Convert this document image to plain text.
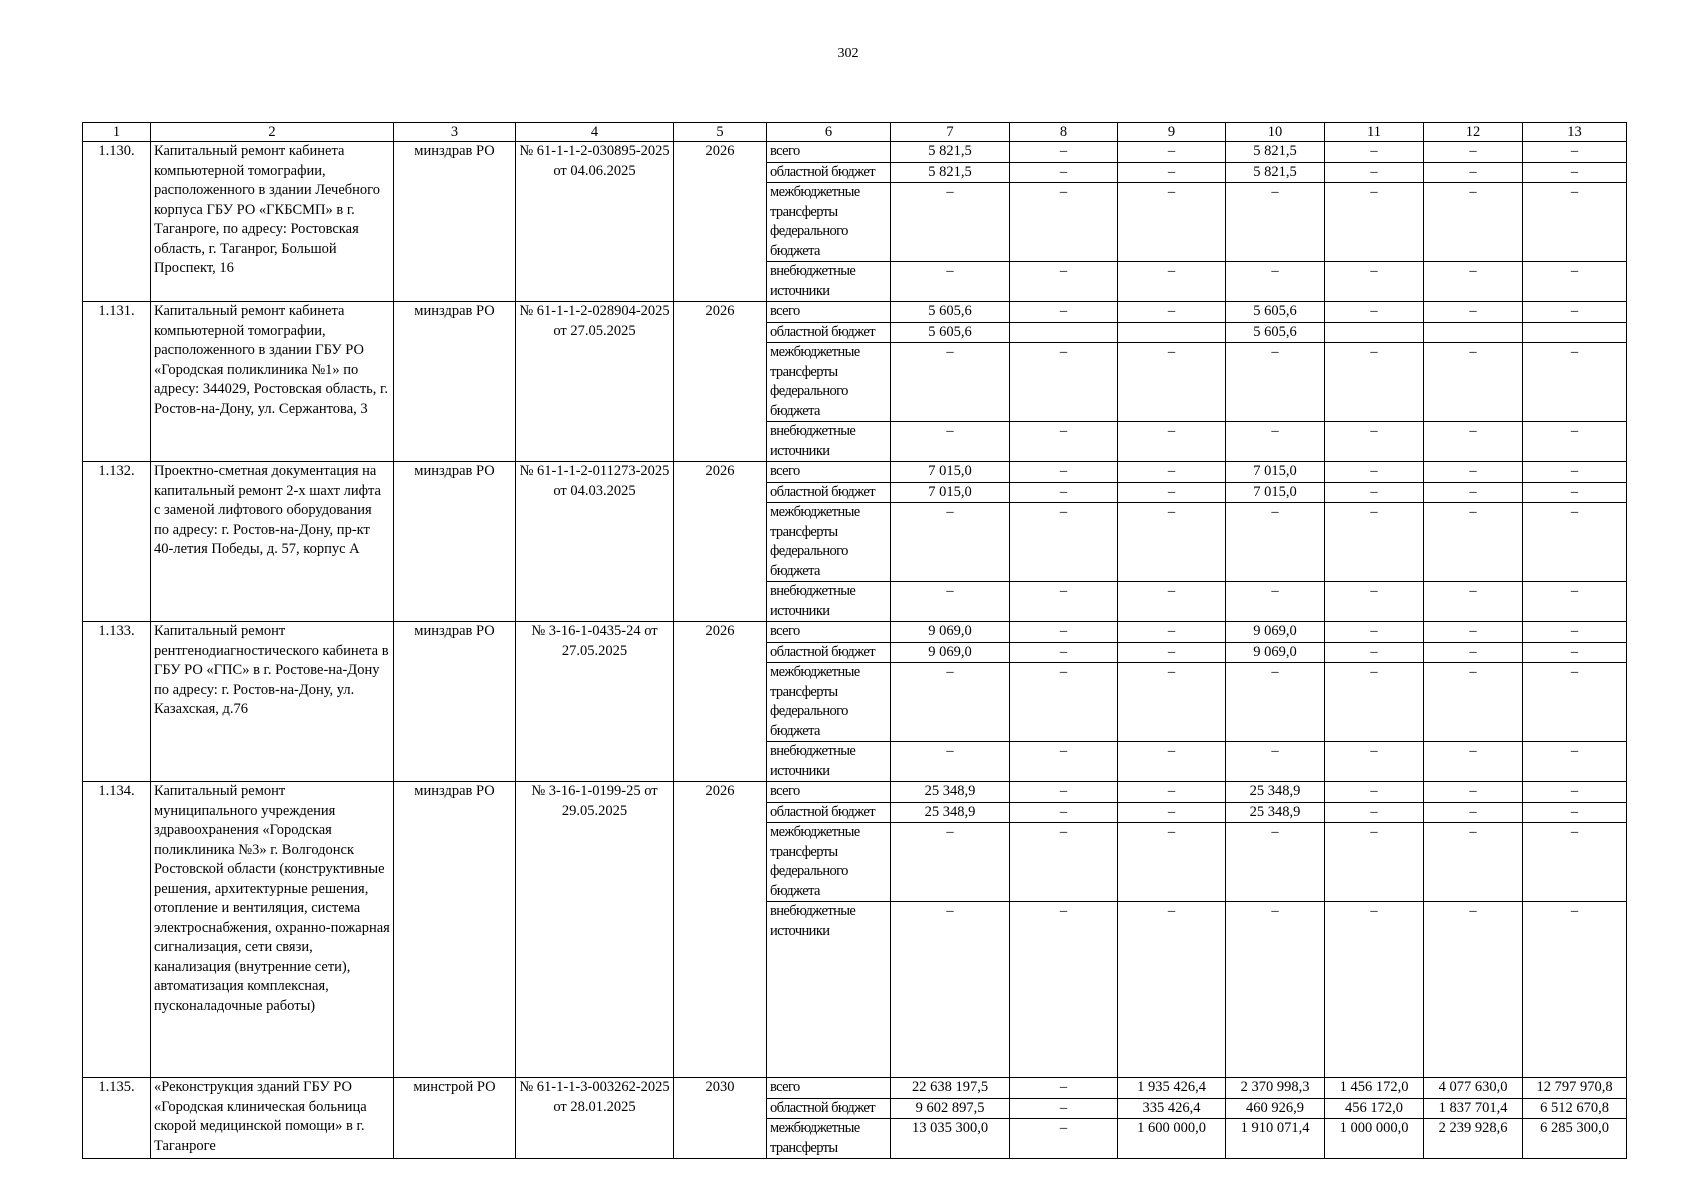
302
1	2	3	4	5	6	7	8	9	10	11	12	13
1.130.	Капитальный ремонт кабинета компьютерной томографии, расположенного в здании Лечебного корпуса ГБУ РО «ГКБСМП» в г. Таганроге, по адресу: Ростовская область, г. Таганрог, Большой Проспект, 16	минздрав РО	№ 61-1-1-2-030895-2025 от 04.06.2025	2026	всего	5 821,5	–	–	5 821,5	–	–	–
					областной бюджет	5 821,5	–	–	5 821,5	–	–	–
					межбюджетные трансферты федерального бюджета	–	–	–	–	–	–	–
					внебюджетные источники	–	–	–	–	–	–	–
1.131.	Капитальный ремонт кабинета компьютерной томографии, расположенного в здании ГБУ РО «Городская поликлиника №1» по адресу: 344029, Ростовская область, г. Ростов-на-Дону, ул. Сержантова, 3	минздрав РО	№ 61-1-1-2-028904-2025 от 27.05.2025	2026	всего	5 605,6	–	–	5 605,6	–	–	–
					областной бюджет	5 605,6			5 605,6			
					межбюджетные трансферты федерального бюджета	–	–	–	–	–	–	–
					внебюджетные источники	–	–	–	–	–	–	–
1.132.	Проектно-сметная документация на капитальный ремонт 2-х шахт лифта с заменой лифтового оборудования по адресу: г. Ростов-на-Дону, пр-кт 40-летия Победы, д. 57, корпус А	минздрав РО	№ 61-1-1-2-011273-2025 от 04.03.2025	2026	всего	7 015,0	–	–	7 015,0	–	–	–
					областной бюджет	7 015,0	–	–	7 015,0	–	–	–
					межбюджетные трансферты федерального бюджета	–	–	–	–	–	–	–
					внебюджетные источники	–	–	–	–	–	–	–
1.133.	Капитальный ремонт рентгенодиагностического кабинета в ГБУ РО «ГПС» в г. Ростове-на-Дону по адресу: г. Ростов-на-Дону, ул. Казахская, д.76	минздрав РО	№ 3-16-1-0435-24 от 27.05.2025	2026	всего	9 069,0	–	–	9 069,0	–	–	–
					областной бюджет	9 069,0	–	–	9 069,0	–	–	–
					межбюджетные трансферты федерального бюджета	–	–	–	–	–	–	–
					внебюджетные источники	–	–	–	–	–	–	–
1.134.	Капитальный ремонт муниципального учреждения здравоохранения «Городская поликлиника №3» г. Волгодонск Ростовской области (конструктивные решения, архитектурные решения, отопление и вентиляция, система электроснабжения, охранно-пожарная сигнализация, сети связи, канализация (внутренние сети), автоматизация комплексная, пусконаладочные работы)	минздрав РО	№ 3-16-1-0199-25 от 29.05.2025	2026	всего	25 348,9	–	–	25 348,9	–	–	–
					областной бюджет	25 348,9	–	–	25 348,9	–	–	–
					межбюджетные трансферты федерального бюджета	–	–	–	–	–	–	–
					внебюджетные источники	–	–	–	–	–	–	–
1.135.	«Реконструкция зданий ГБУ РО «Городская клиническая больница скорой медицинской помощи» в г. Таганроге	минстрой РО	№ 61-1-1-3-003262-2025 от 28.01.2025	2030	всего	22 638 197,5	–	1 935 426,4	2 370 998,3	1 456 172,0	4 077 630,0	12 797 970,8
					областной бюджет	9 602 897,5	–	335 426,4	460 926,9	456 172,0	1 837 701,4	6 512 670,8
					межбюджетные трансферты	13 035 300,0	–	1 600 000,0	1 910 071,4	1 000 000,0	2 239 928,6	6 285 300,0
